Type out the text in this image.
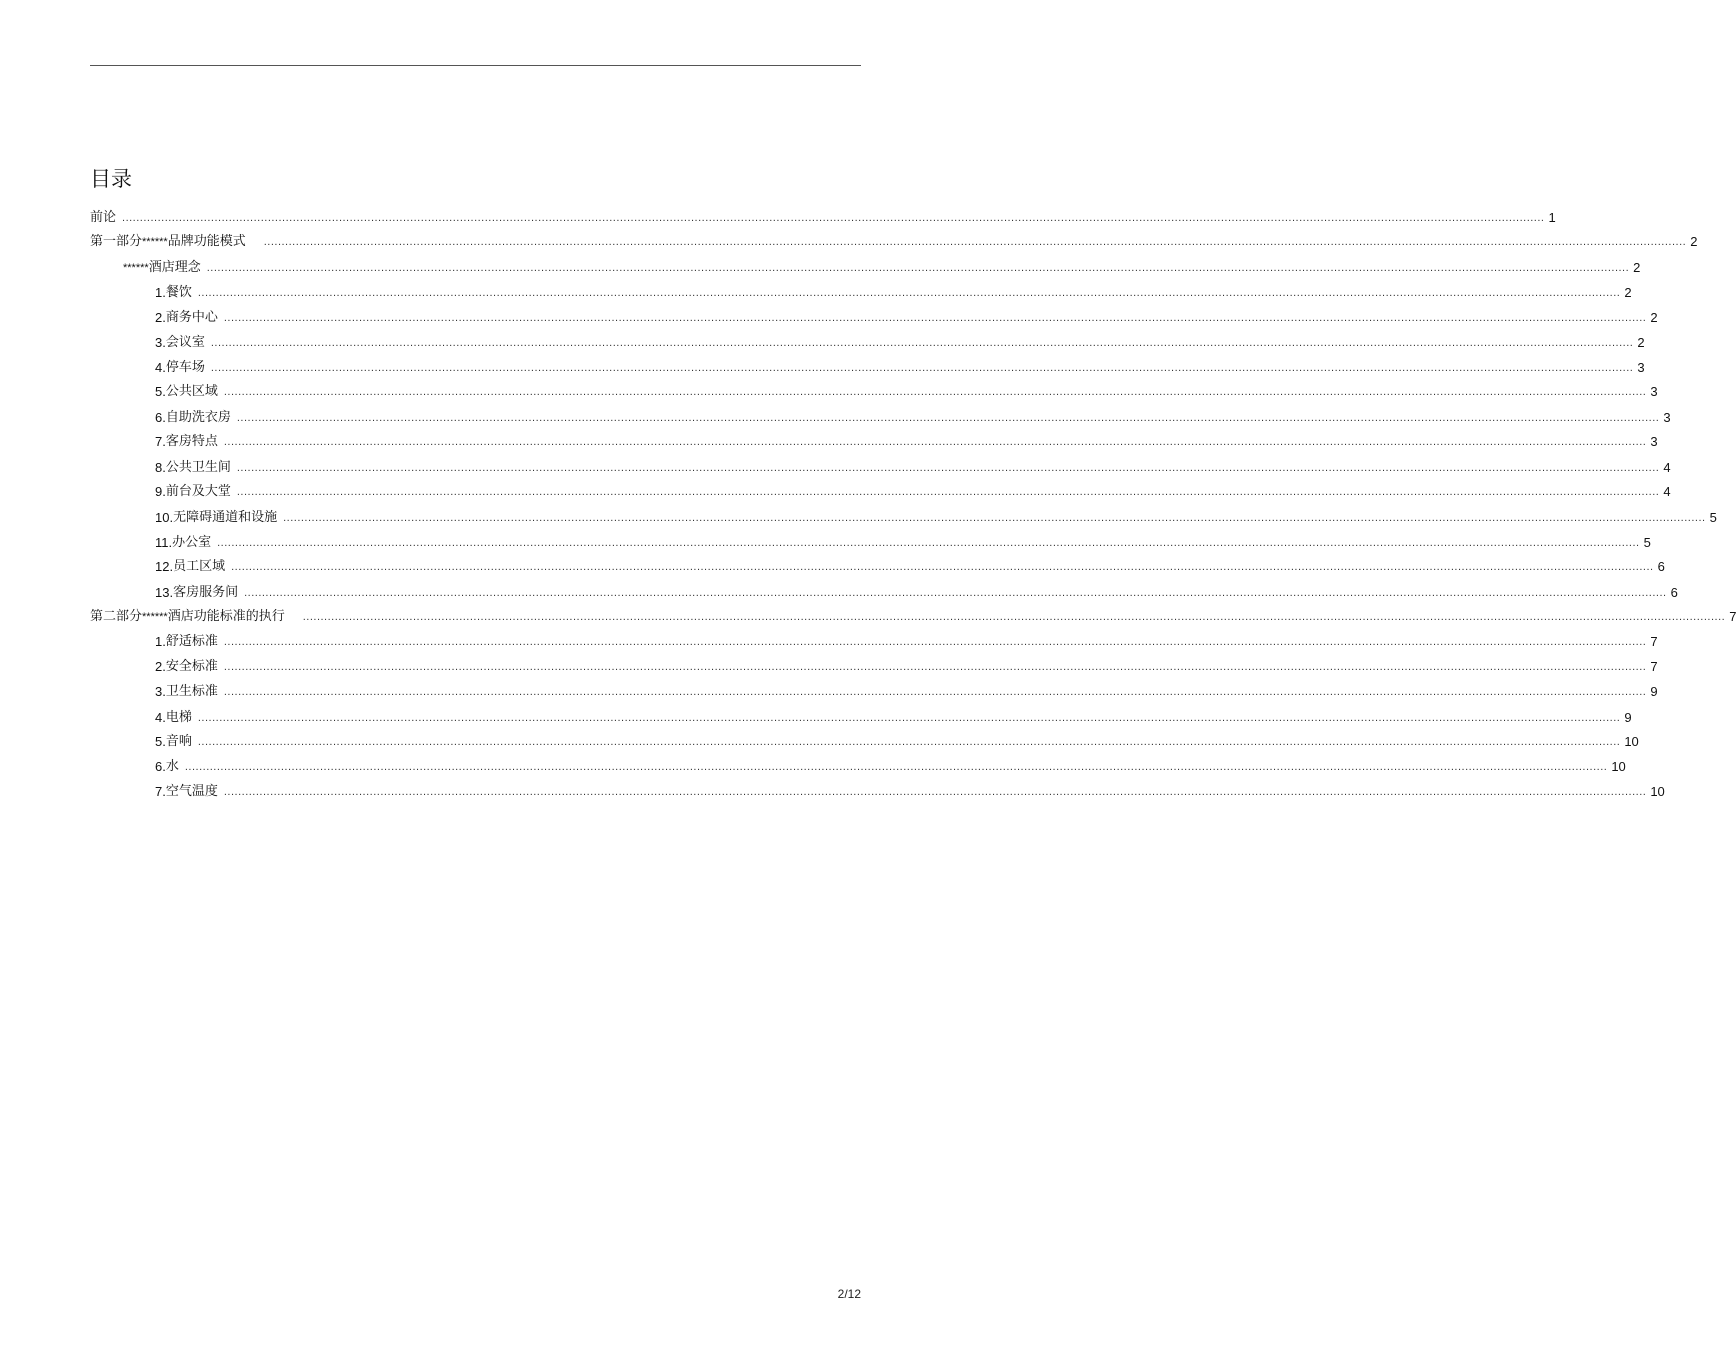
目录
前论 ................................................................................................................................................................................................................................................................................................................................................................................................................ 1
第一部分 ****** 品牌功能模式 ................................................................................................................................................................................................................................................................................................................................................................................................................ 2
****** 酒店理念 ................................................................................................................................................................................................................................................................................................................................................................................................................ 2
1. 餐饮 ................................................................................................................................................................................................................................................................................................................................................................................................................ 2
2. 商务中心 ................................................................................................................................................................................................................................................................................................................................................................................................................ 2
3. 会议室 ................................................................................................................................................................................................................................................................................................................................................................................................................ 2
4. 停车场 ................................................................................................................................................................................................................................................................................................................................................................................................................ 3
5. 公共区域 ................................................................................................................................................................................................................................................................................................................................................................................................................ 3
6. 自助洗衣房 ................................................................................................................................................................................................................................................................................................................................................................................................................ 3
7. 客房特点 ................................................................................................................................................................................................................................................................................................................................................................................................................ 3
8. 公共卫生间 ................................................................................................................................................................................................................................................................................................................................................................................................................ 4
9. 前台及大堂 ................................................................................................................................................................................................................................................................................................................................................................................................................ 4
10. 无障碍通道和设施 ................................................................................................................................................................................................................................................................................................................................................................................................................ 5
11. 办公室 ................................................................................................................................................................................................................................................................................................................................................................................................................ 5
12. 员工区域 ................................................................................................................................................................................................................................................................................................................................................................................................................ 6
13. 客房服务间 ................................................................................................................................................................................................................................................................................................................................................................................................................ 6
第二部分 ****** 酒店功能标准的执行 ................................................................................................................................................................................................................................................................................................................................................................................................................ 7
1. 舒适标准 ................................................................................................................................................................................................................................................................................................................................................................................................................ 7
2. 安全标准 ................................................................................................................................................................................................................................................................................................................................................................................................................ 7
3. 卫生标准 ................................................................................................................................................................................................................................................................................................................................................................................................................ 9
4. 电梯 ................................................................................................................................................................................................................................................................................................................................................................................................................ 9
5. 音响 ................................................................................................................................................................................................................................................................................................................................................................................................................ 10
6. 水 ................................................................................................................................................................................................................................................................................................................................................................................................................ 10
7. 空气温度 ................................................................................................................................................................................................................................................................................................................................................................................................................ 10
2/12
